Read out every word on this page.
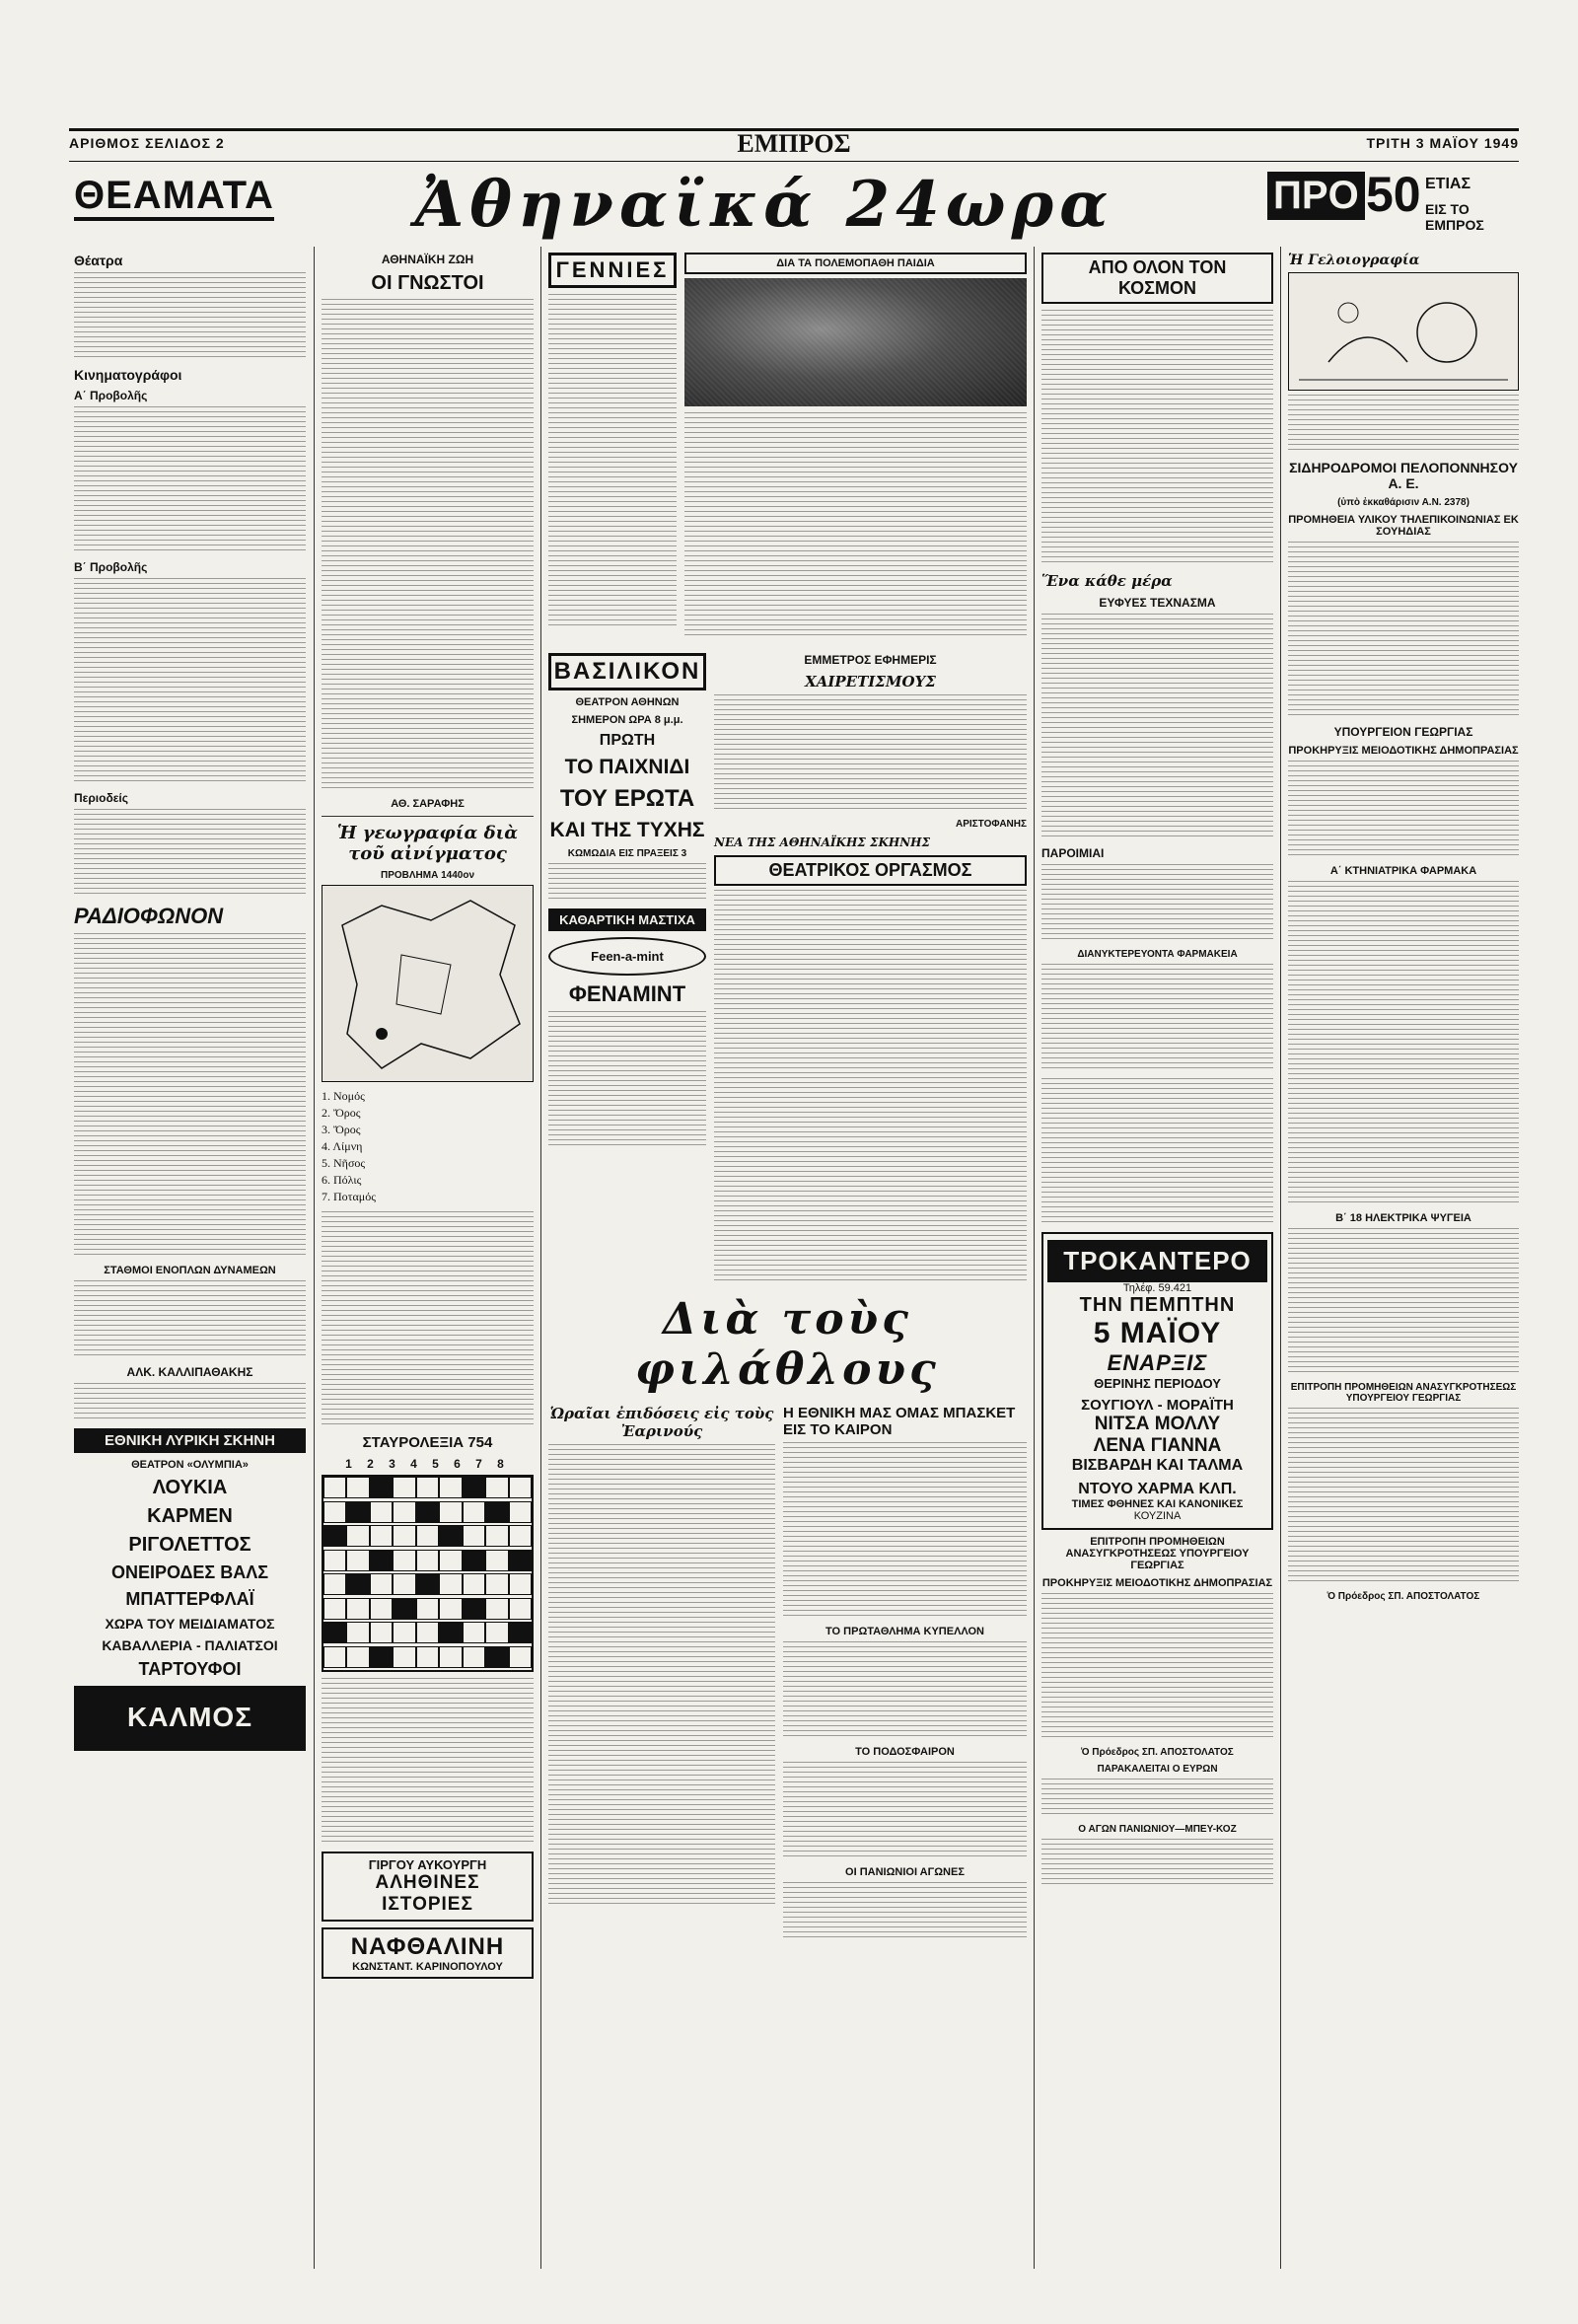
ΑΡΙΘΜΟΣ ΣΕΛΙΔΟΣ 2	ΕΜΠΡΟΣ	ΤΡΙΤΗ 3 ΜΑΪΟΥ 1949
ΘΕΑΜΑΤΑ	Ἀθηναϊκά 24ωρα	ΠΡΟ 50 ΕΤΙΑΣ
ΕΙΣ ΤΟ ΕΜΠΡΟΣ
Θέατρα
Κινηματογράφοι
Α΄ Προβολῆς
Β΄ Προβολῆς
Περιοδείς
ΡΑΔΙΟΦΩΝΟΝ
ΣΤΑΘΜΟΙ ΕΝΟΠΛΩΝ ΔΥΝΑΜΕΩΝ
ΑΛΚ. ΚΑΛΛΙΠΑΘΑΚΗΣ
ΕΘΝΙΚΗ ΛΥΡΙΚΗ ΣΚΗΝΗ
ΘΕΑΤΡΟΝ «ΟΛΥΜΠΙΑ»
ΛΟΥΚΙΑ
ΚΑΡΜΕΝ
ΡΙΓΟΛΕΤΤΟΣ
ΟΝΕΙΡΟΔΕΣ ΒΑΛΣ
ΜΠΑΤΤΕΡΦΛΑΪ
ΧΩΡΑ ΤΟΥ ΜΕΙΔΙΑΜΑΤΟΣ
ΚΑΒΑΛΛΕΡΙΑ - ΠΑΛΙΑΤΣΟΙ
ΤΑΡΤΟΥΦΟΙ
ΚΑΛΜΟΣ
ΑΘΗΝΑΪΚΗ ΖΩΗ
ΟΙ ΓΝΩΣΤΟΙ
ΑΘ. ΣΑΡΑΦΗΣ
Ἡ γεωγραφία διὰ τοῦ αἰνίγματος
ΠΡΟΒΛΗΜΑ 1440ον
1. Νομός
2. Ὄρος
3. Ὄρος
4. Λίμνη
5. Νῆσος
6. Πόλις
7. Ποταμός
ΣΤΑΥΡΟΛΕΞΙΑ 754
1 2 3 4 5 6 7 8
ΓΙΡΓΟΥ ΑΥΚΟΥΡΓΗ
ΑΛΗΘΙΝΕΣ ΙΣΤΟΡΙΕΣ
ΝΑΦΘΑΛΙΝΗ
ΚΩΝΣΤΑΝΤ. ΚΑΡΙΝΟΠΟΥΛΟΥ
ΓΕΝΝΙΕΣ	ΔΙΑ ΤΑ ΠΟΛΕΜΟΠΑΘΗ ΠΑΙΔΙΑ
ΒΑΣΙΛΙΚΟΝ
ΘΕΑΤΡΟΝ ΑΘΗΝΩΝ
ΣΗΜΕΡΟΝ ΩΡΑ 8 μ.μ.
ΠΡΩΤΗ
ΤΟ ΠΑΙΧΝΙΔΙ
ΤΟΥ ΕΡΩΤΑ
ΚΑΙ ΤΗΣ ΤΥΧΗΣ
ΚΩΜΩΔΙΑ ΕΙΣ ΠΡΑΞΕΙΣ 3
ΚΑΘΑΡΤΙΚΗ ΜΑΣΤΙΧΑ
Feen-a-mint
ΦΕΝΑΜΙΝΤ
ΕΜΜΕΤΡΟΣ ΕΦΗΜΕΡΙΣ
ΧΑΙΡΕΤΙΣΜΟΥΣ
ΑΡΙΣΤΟΦΑΝΗΣ
ΝΕΑ ΤΗΣ ΑΘΗΝΑΪΚΗΣ ΣΚΗΝΗΣ
ΘΕΑΤΡΙΚΟΣ ΟΡΓΑΣΜΟΣ
Διὰ τοὺς φιλάθλους
Ὡραῖαι ἐπιδόσεις εἰς τοὺς Ἐαρινούς
Η ΕΘΝΙΚΗ ΜΑΣ ΟΜΑΣ ΜΠΑΣΚΕΤ ΕΙΣ ΤΟ ΚΑΙΡΟΝ
ΤΟ ΠΡΩΤΑΘΛΗΜΑ ΚΥΠΕΛΛΟΝ
ΤΟ ΠΟΔΟΣΦΑΙΡΟΝ
ΟΙ ΠΑΝΙΩΝΙΟΙ ΑΓΩΝΕΣ
ΑΠΟ ΟΛΟΝ ΤΟΝ ΚΟΣΜΟΝ
Ἕνα κάθε μέρα
ΕΥΦΥΕΣ ΤΕΧΝΑΣΜΑ
ΠΑΡΟΙΜΙΑΙ
ΔΙΑΝΥΚΤΕΡΕΥΟΝΤΑ ΦΑΡΜΑΚΕΙΑ
ΤΡΟΚΑΝΤΕΡΟ
Τηλέφ. 59.421
ΤΗΝ ΠΕΜΠΤΗΝ
5 ΜΑΪΟΥ
ΕΝΑΡΞΙΣ
ΘΕΡΙΝΗΣ ΠΕΡΙΟΔΟΥ
ΣΟΥΓΙΟΥΛ - ΜΟΡΑΪΤΗ
ΝΙΤΣΑ ΜΟΛΛΥ
ΛΕΝΑ ΓΙΑΝΝΑ
ΒΙΣΒΑΡΔΗ ΚΑΙ ΤΑΛΜΑ
ΝΤΟΥΟ ΧΑΡΜΑ ΚΛΠ.
ΤΙΜΕΣ ΦΘΗΝΕΣ ΚΑΙ ΚΑΝΟΝΙΚΕΣ
ΚΟΥΖΙΝΑ
ΕΠΙΤΡΟΠΗ ΠΡΟΜΗΘΕΙΩΝ ΑΝΑΣΥΓΚΡΟΤΗΣΕΩΣ ΥΠΟΥΡΓΕΙΟΥ ΓΕΩΡΓΙΑΣ
ΠΡΟΚΗΡΥΞΙΣ ΜΕΙΟΔΟΤΙΚΗΣ ΔΗΜΟΠΡΑΣΙΑΣ
Ὁ Πρόεδρος ΣΠ. ΑΠΟΣΤΟΛΑΤΟΣ
ΠΑΡΑΚΑΛΕΙΤΑΙ Ο ΕΥΡΩΝ
Ο ΑΓΩΝ ΠΑΝΙΩΝΙΟΥ—ΜΠΕΥ-ΚΟΖ
Ἡ Γελοιογραφία
ΣΙΔΗΡΟΔΡΟΜΟΙ ΠΕΛΟΠΟΝΝΗΣΟΥ Α. Ε.
(ὑπὸ ἐκκαθάρισιν Α.Ν. 2378)
ΠΡΟΜΗΘΕΙΑ ΥΛΙΚΟΥ ΤΗΛΕΠΙΚΟΙΝΩΝΙΑΣ ΕΚ ΣΟΥΗΔΙΑΣ
ΥΠΟΥΡΓΕΙΟΝ ΓΕΩΡΓΙΑΣ
ΠΡΟΚΗΡΥΞΙΣ ΜΕΙΟΔΟΤΙΚΗΣ ΔΗΜΟΠΡΑΣΙΑΣ
Α΄ ΚΤΗΝΙΑΤΡΙΚΑ ΦΑΡΜΑΚΑ
Β΄ 18 ΗΛΕΚΤΡΙΚΑ ΨΥΓΕΙΑ
ΕΠΙΤΡΟΠΗ ΠΡΟΜΗΘΕΙΩΝ ΑΝΑΣΥΓΚΡΟΤΗΣΕΩΣ ΥΠΟΥΡΓΕΙΟΥ ΓΕΩΡΓΙΑΣ
Ὁ Πρόεδρος ΣΠ. ΑΠΟΣΤΟΛΑΤΟΣ
